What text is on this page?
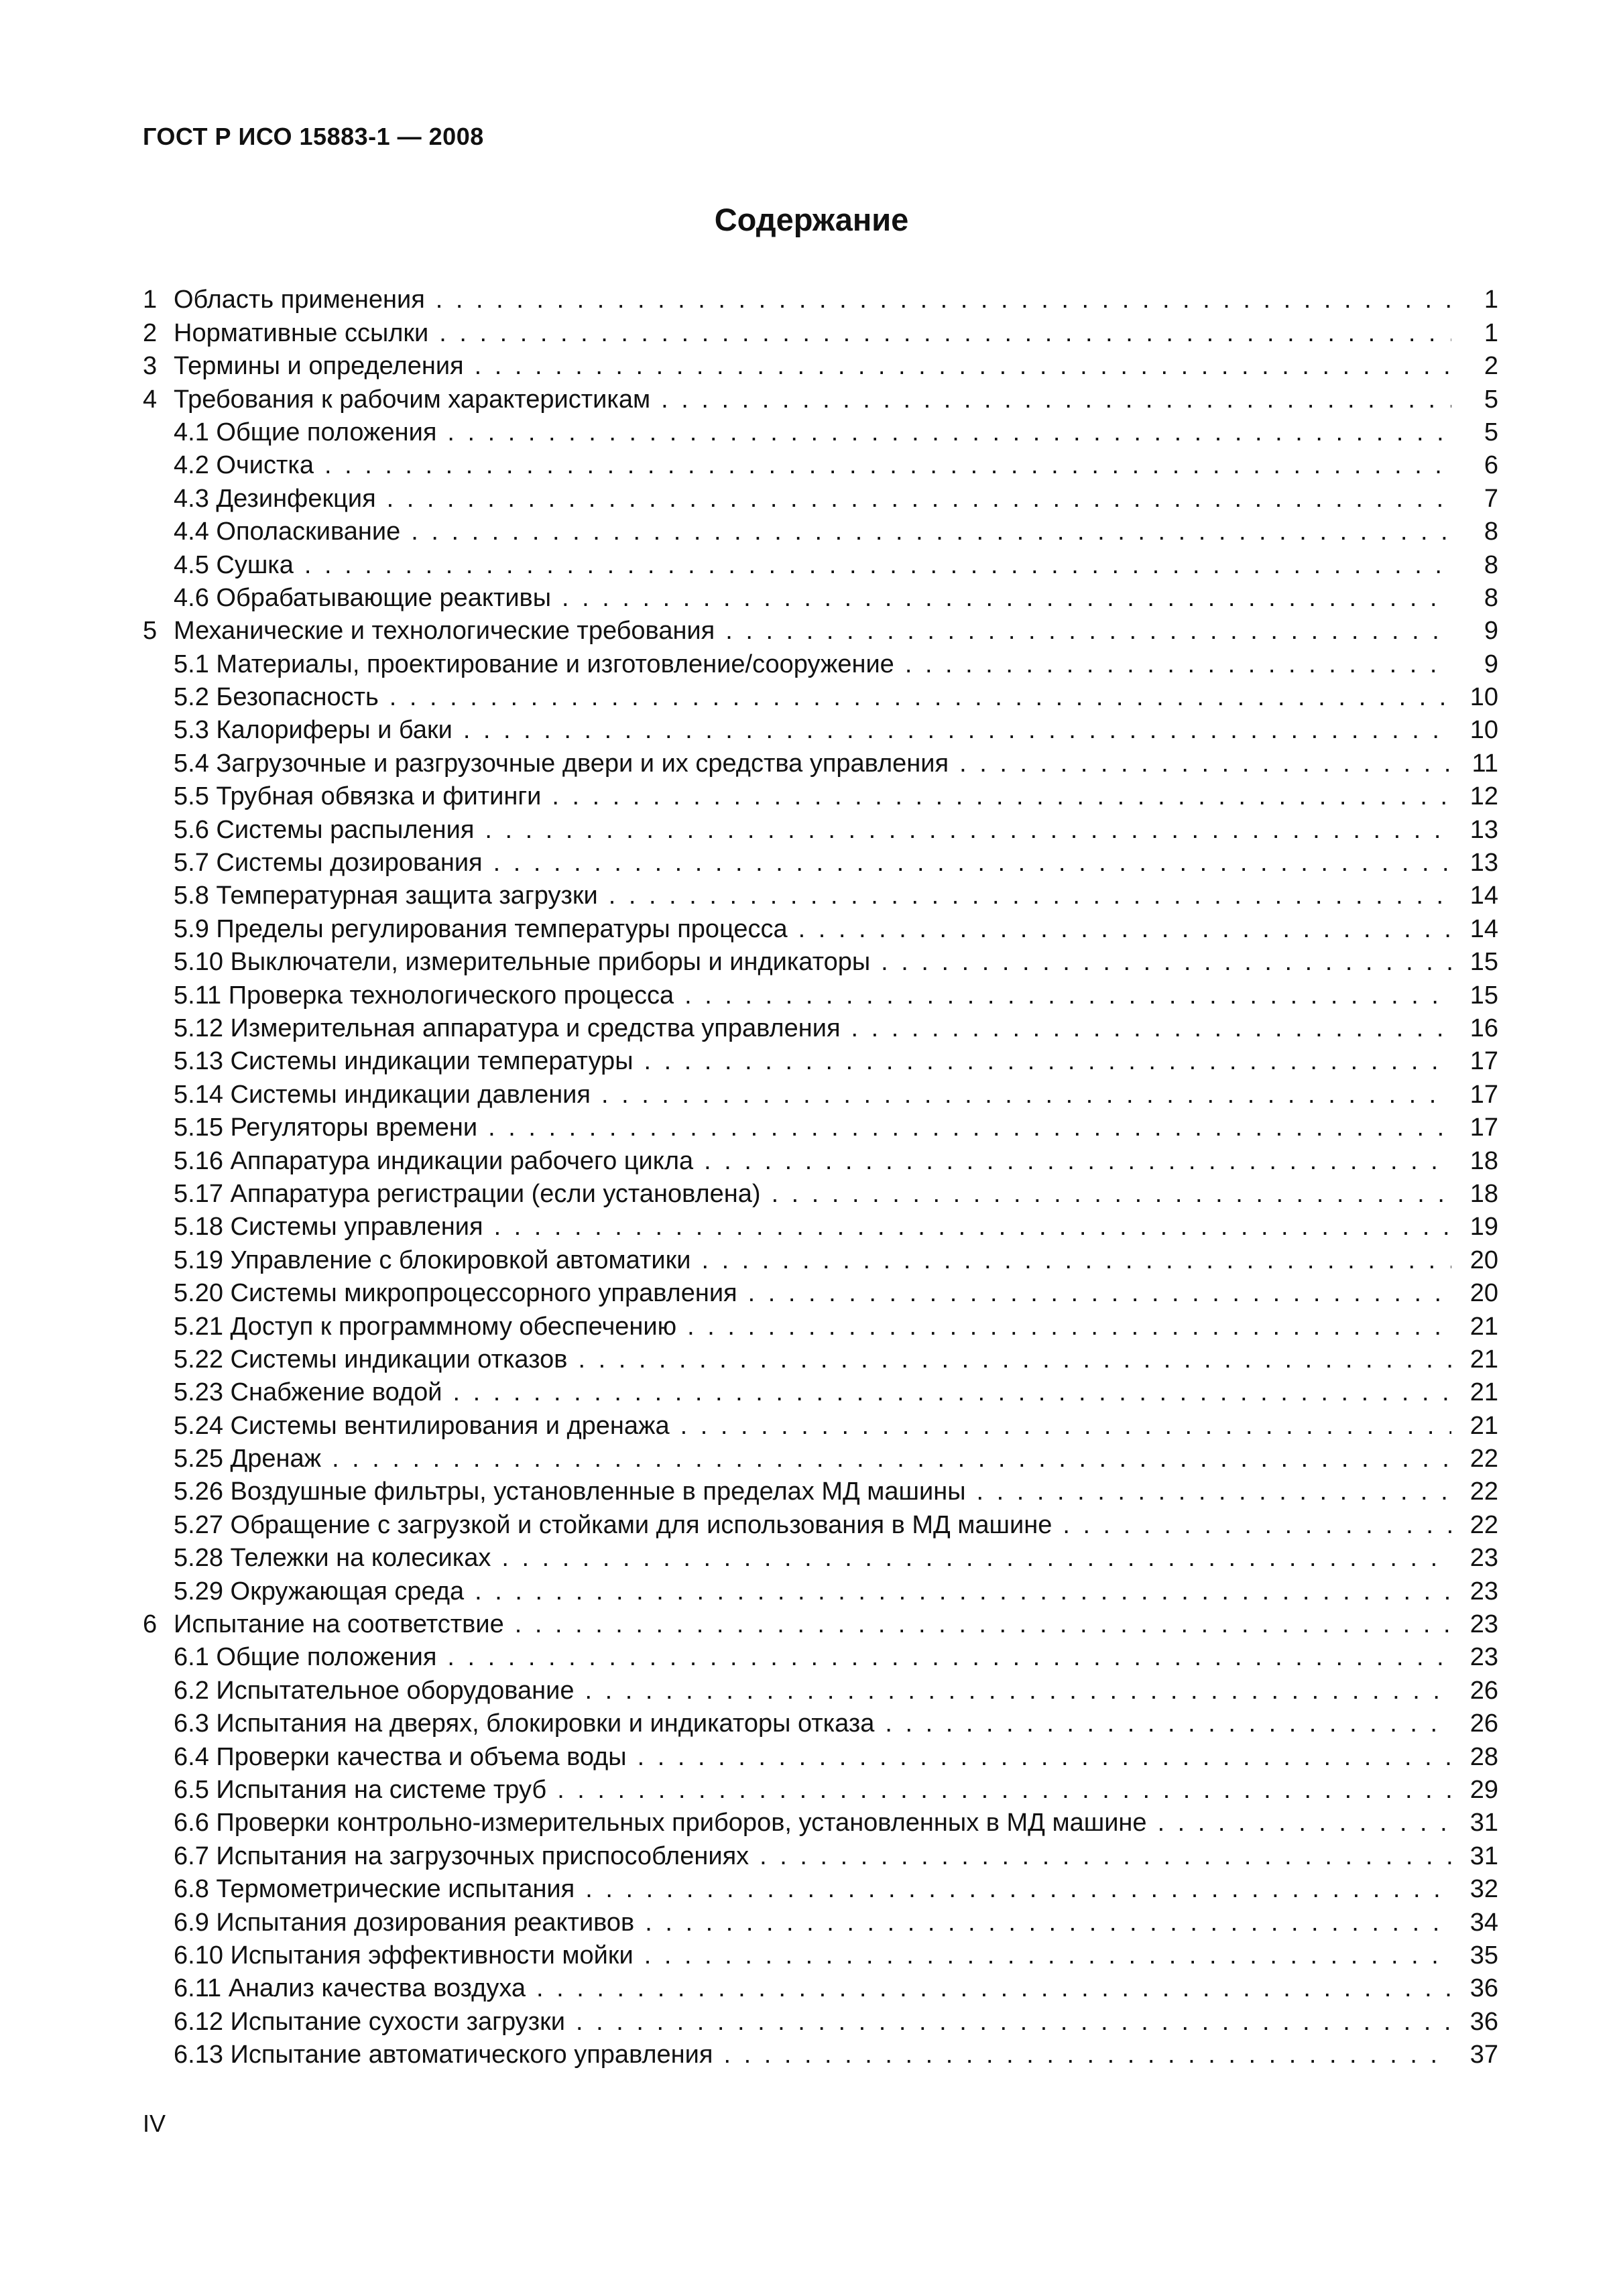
ГОСТ Р ИСО 15883-1 — 2008
Содержание
1 Область применения . . .	1
2 Нормативные ссылки . . .	1
3 Термины и определения . . .	2
4 Требования к рабочим характеристикам . . .	5
4.1 Общие положения . . .	5
4.2 Очистка . . .	6
4.3 Дезинфекция . . .	7
4.4 Ополаскивание . . .	8
4.5 Сушка . . .	8
4.6 Обрабатывающие реактивы . . .	8
5 Механические и технологические требования . . .	9
5.1 Материалы, проектирование и изготовление/сооружение . . .	9
5.2 Безопасность . . .	10
5.3 Калориферы и баки . . .	10
5.4 Загрузочные и разгрузочные двери и их средства управления . . .	11
5.5 Трубная обвязка и фитинги . . .	12
5.6 Системы распыления . . .	13
5.7 Системы дозирования . . .	13
5.8 Температурная защита загрузки . . .	14
5.9 Пределы регулирования температуры процесса . . .	14
5.10 Выключатели, измерительные приборы и индикаторы . . .	15
5.11 Проверка технологического процесса . . .	15
5.12 Измерительная аппаратура и средства управления . . .	16
5.13 Системы индикации температуры . . .	17
5.14 Системы индикации давления . . .	17
5.15 Регуляторы времени . . .	17
5.16 Аппаратура индикации рабочего цикла . . .	18
5.17 Аппаратура регистрации (если установлена) . . .	18
5.18 Системы управления . . .	19
5.19 Управление с блокировкой автоматики . . .	20
5.20 Системы микропроцессорного управления . . .	20
5.21 Доступ к программному обеспечению . . .	21
5.22 Системы индикации отказов . . .	21
5.23 Снабжение водой . . .	21
5.24 Системы вентилирования и дренажа . . .	21
5.25 Дренаж . . .	22
5.26 Воздушные фильтры, установленные в пределах МД машины . . .	22
5.27 Обращение с загрузкой и стойками для использования в МД машине . . .	22
5.28 Тележки на колесиках . . .	23
5.29 Окружающая среда . . .	23
6 Испытание на соответствие . . .	23
6.1 Общие положения . . .	23
6.2 Испытательное оборудование . . .	26
6.3 Испытания на дверях, блокировки и индикаторы отказа . . .	26
6.4 Проверки качества и объема воды . . .	28
6.5 Испытания на системе труб . . .	29
6.6 Проверки контрольно-измерительных приборов, установленных в МД машине . . .	31
6.7 Испытания на загрузочных приспособлениях . . .	31
6.8 Термометрические испытания . . .	32
6.9 Испытания дозирования реактивов . . .	34
6.10 Испытания эффективности мойки . . .	35
6.11 Анализ качества воздуха . . .	36
6.12 Испытание сухости загрузки . . .	36
6.13 Испытание автоматического управления . . .	37
IV
